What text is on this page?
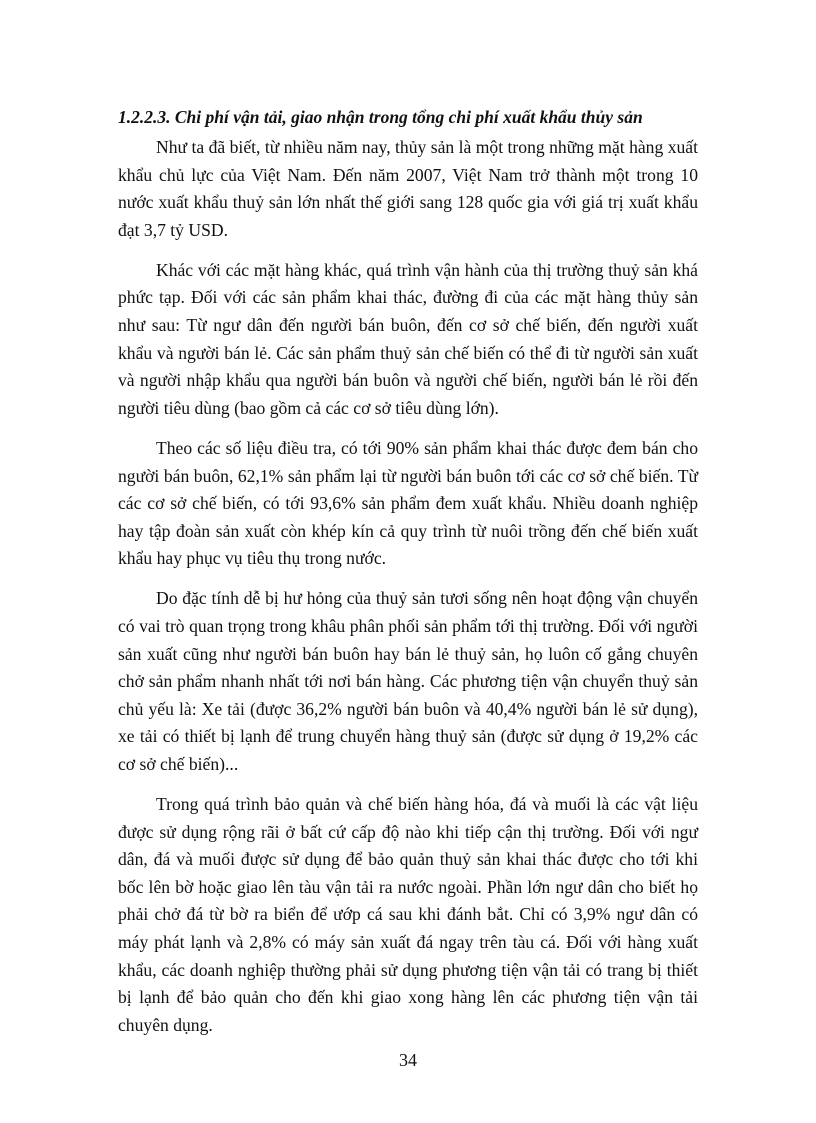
1.2.2.3. Chi phí vận tải, giao nhận trong tổng chi phí xuất khẩu thủy sản

Như ta đã biết, từ nhiều năm nay, thủy sản là một trong những mặt hàng xuất khẩu chủ lực của Việt Nam. Đến năm 2007, Việt Nam trở thành một trong 10 nước xuất khẩu thuỷ sản lớn nhất thế giới sang 128 quốc gia với giá trị xuất khẩu đạt 3,7 tỷ USD.

Khác với các mặt hàng khác, quá trình vận hành của thị trường thuỷ sản khá phức tạp. Đối với các sản phẩm khai thác, đường đi của các mặt hàng thủy sản như sau: Từ ngư dân đến người bán buôn, đến cơ sở chế biến, đến người xuất khẩu và người bán lẻ. Các sản phẩm thuỷ sản chế biến có thể đi từ người sản xuất và người nhập khẩu qua người bán buôn và người chế biến, người bán lẻ rồi đến người tiêu dùng (bao gồm cả các cơ sở tiêu dùng lớn).

Theo các số liệu điều tra, có tới 90% sản phẩm khai thác được đem bán cho người bán buôn, 62,1% sản phẩm lại từ người bán buôn tới các cơ sở chế biến. Từ các cơ sở chế biến, có tới 93,6% sản phẩm đem xuất khẩu. Nhiều doanh nghiệp hay tập đoàn sản xuất còn khép kín cả quy trình từ nuôi trồng đến chế biến xuất khẩu hay phục vụ tiêu thụ trong nước.

Do đặc tính dễ bị hư hỏng của thuỷ sản tươi sống nên hoạt động vận chuyển có vai trò quan trọng trong khâu phân phối sản phẩm tới thị trường. Đối với người sản xuất cũng như người bán buôn hay bán lẻ thuỷ sản, họ luôn cố gắng chuyên chở sản phẩm nhanh nhất tới nơi bán hàng. Các phương tiện vận chuyển thuỷ sản chủ yếu là: Xe tải (được 36,2% người bán buôn và 40,4% người bán lẻ sử dụng), xe tải có thiết bị lạnh để trung chuyển hàng thuỷ sản (được sử dụng ở 19,2% các cơ sở chế biến)...

Trong quá trình bảo quản và chế biến hàng hóa, đá và muối là các vật liệu được sử dụng rộng rãi ở bất cứ cấp độ nào khi tiếp cận thị trường. Đối với ngư dân, đá và muối được sử dụng để bảo quản thuỷ sản khai thác được cho tới khi bốc lên bờ hoặc giao lên tàu vận tải ra nước ngoài. Phần lớn ngư dân cho biết họ phải chở đá từ bờ ra biển để ướp cá sau khi đánh bắt. Chỉ có 3,9% ngư dân có máy phát lạnh và 2,8% có máy sản xuất đá ngay trên tàu cá. Đối với hàng xuất khẩu, các doanh nghiệp thường phải sử dụng phương tiện vận tải có trang bị thiết bị lạnh để bảo quản cho đến khi giao xong hàng lên các phương tiện vận tải chuyên dụng.

34
